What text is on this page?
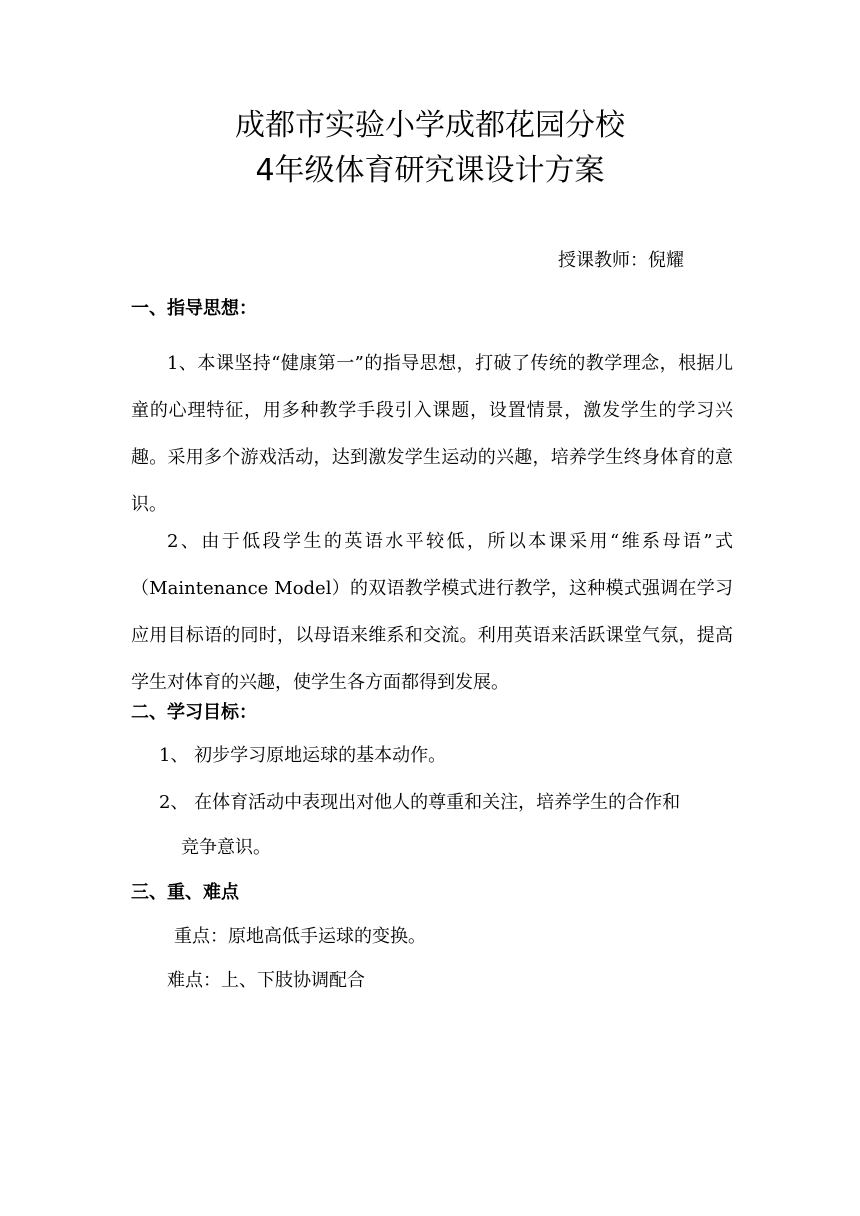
成都市实验小学成都花园分校
4年级体育研究课设计方案
授课教师：倪耀
一、指导思想：

1、本课坚持“健康第一”的指导思想，打破了传统的教学理念，根据儿童的心理特征，用多种教学手段引入课题，设置情景，激发学生的学习兴趣。采用多个游戏活动，达到激发学生运动的兴趣，培养学生终身体育的意识。

2、由于低段学生的英语水平较低，所以本课采用“维系母语”式（Maintenance Model）的双语教学模式进行教学，这种模式强调在学习应用目标语的同时，以母语来维系和交流。利用英语来活跃课堂气氛，提高学生对体育的兴趣，使学生各方面都得到发展。

二、学习目标：
1、 初步学习原地运球的基本动作。
2、 在体育活动中表现出对他人的尊重和关注，培养学生的合作和
竞争意识。
三、重、难点
重点：原地高低手运球的变换。
难点：上、下肢协调配合
